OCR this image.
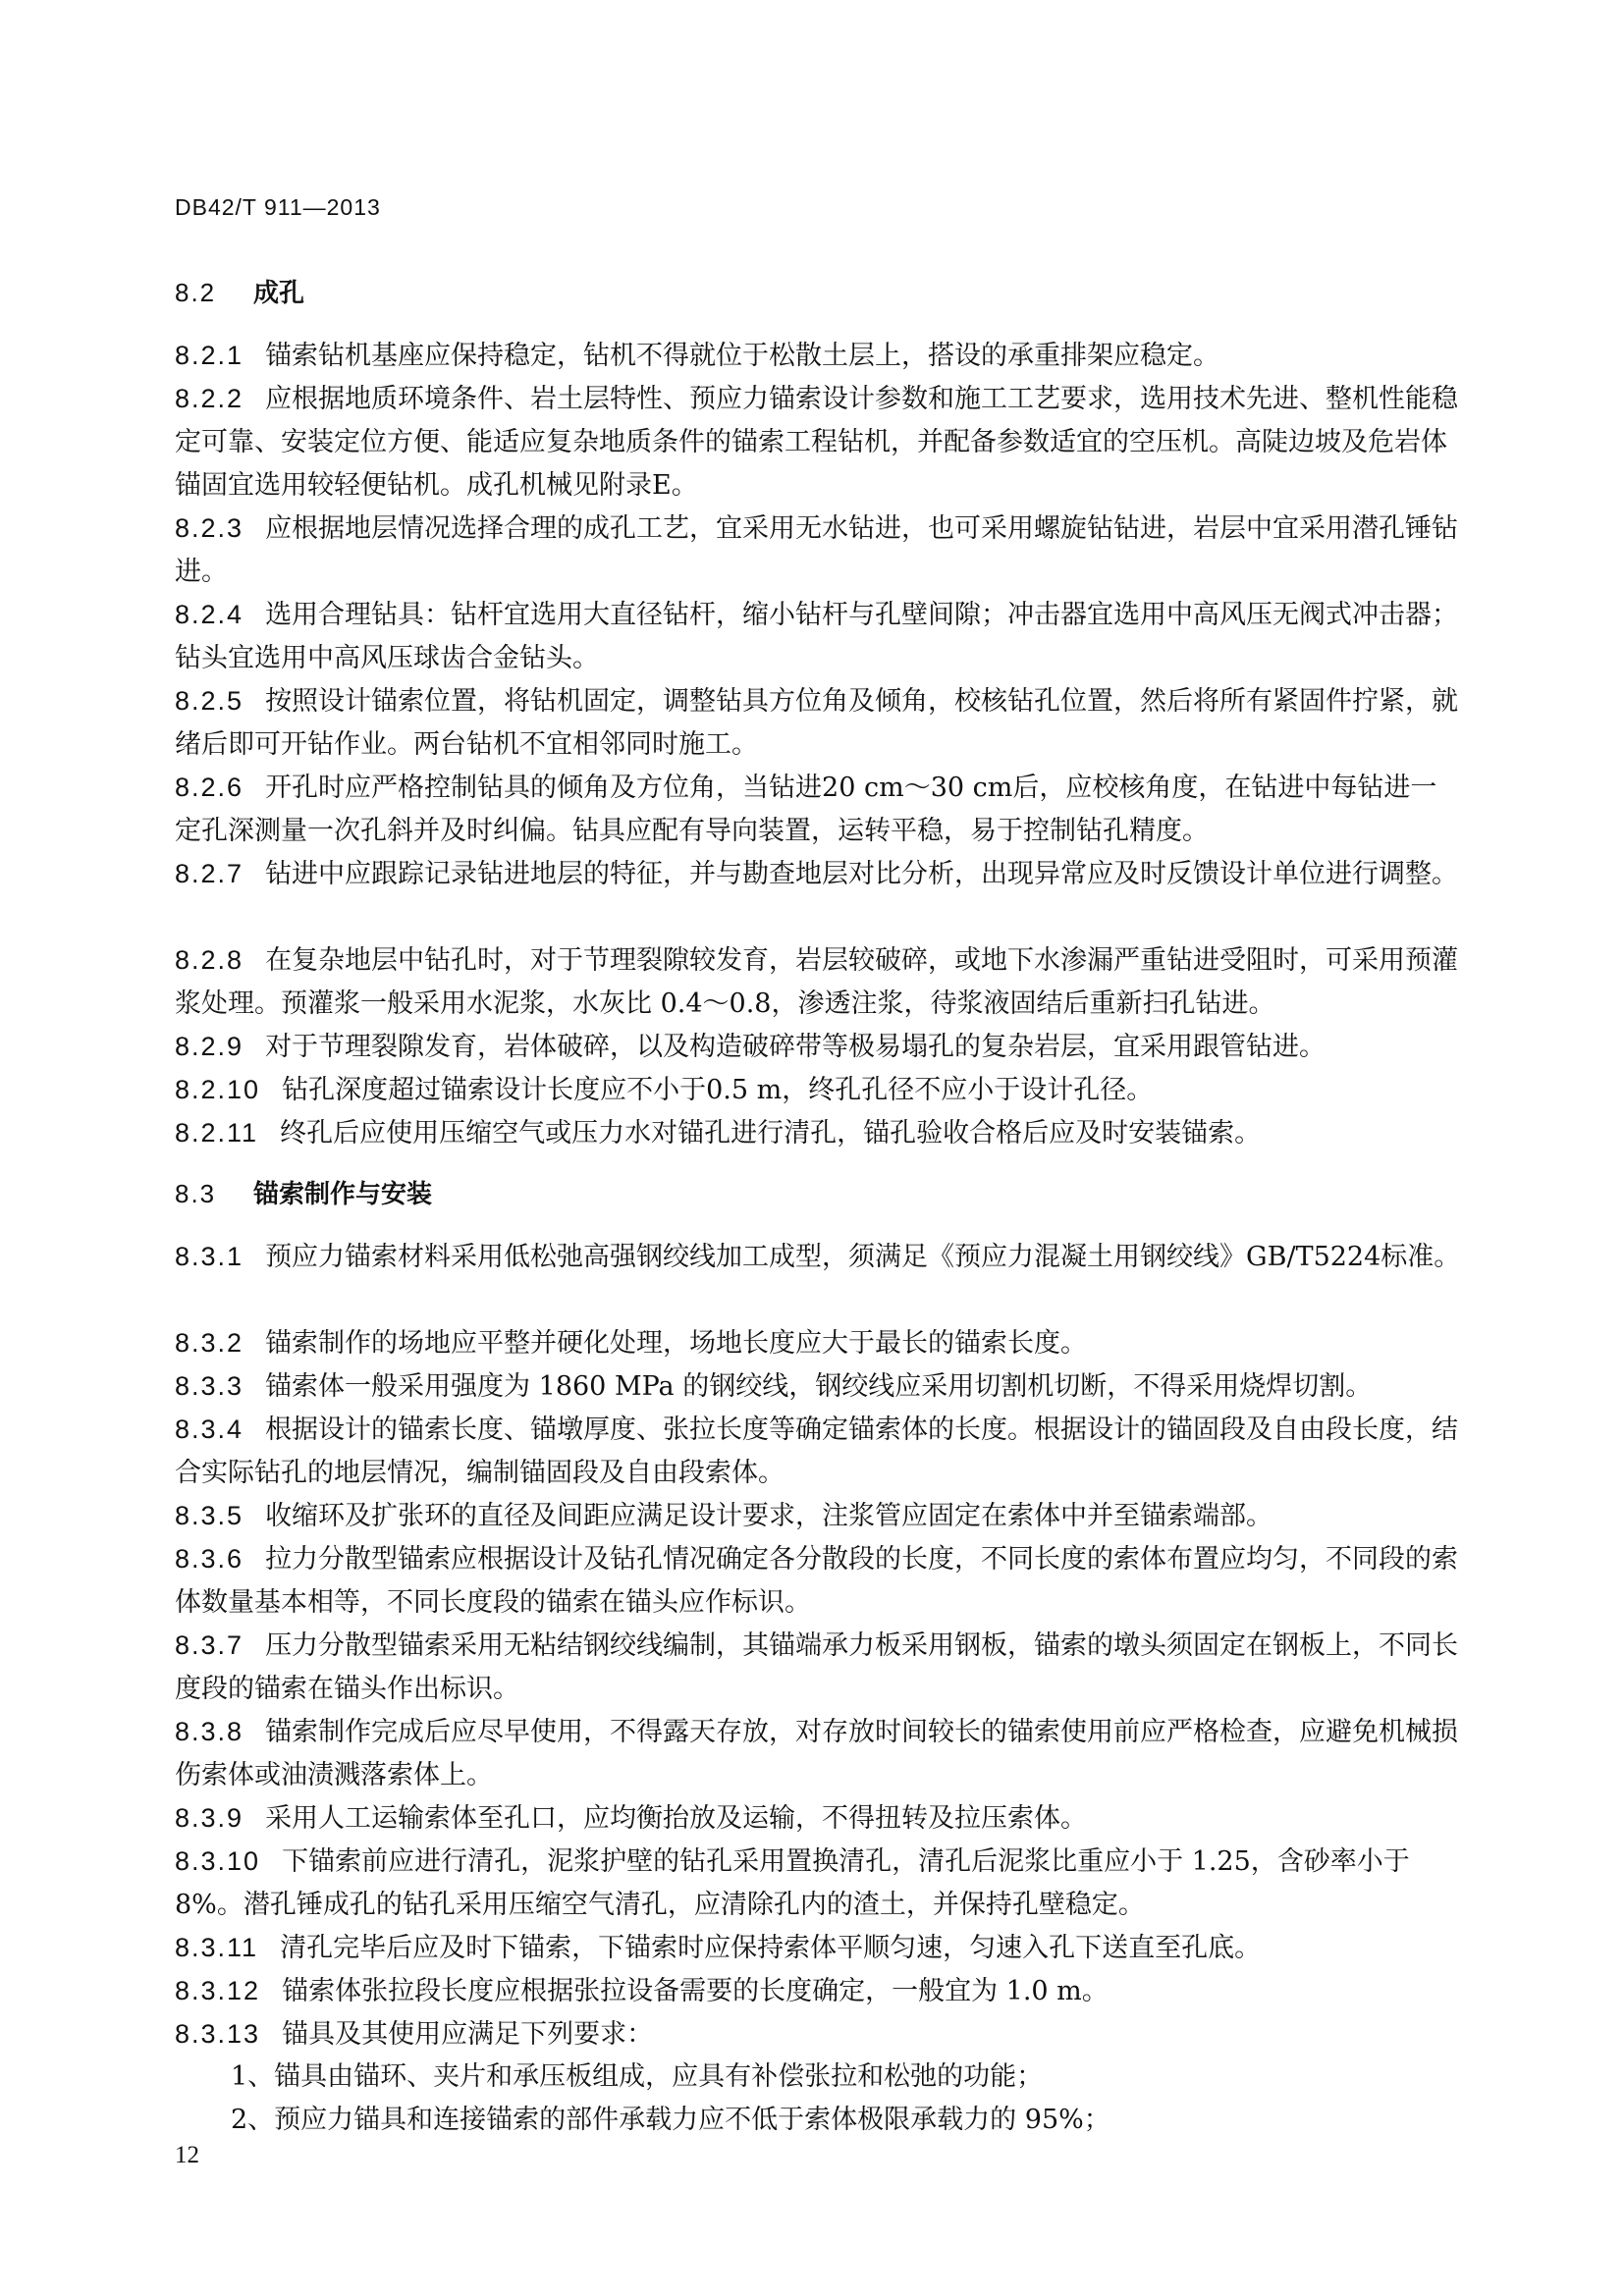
DB42/T 911—2013
8.2 成孔
8.2.1 锚索钻机基座应保持稳定，钻机不得就位于松散土层上，搭设的承重排架应稳定。
8.2.2 应根据地质环境条件、岩土层特性、预应力锚索设计参数和施工工艺要求，选用技术先进、整机性能稳定可靠、安装定位方便、能适应复杂地质条件的锚索工程钻机，并配备参数适宜的空压机。高陡边坡及危岩体锚固宜选用较轻便钻机。成孔机械见附录E。
8.2.3 应根据地层情况选择合理的成孔工艺，宜采用无水钻进，也可采用螺旋钻钻进，岩层中宜采用潜孔锤钻进。
8.2.4 选用合理钻具：钻杆宜选用大直径钻杆，缩小钻杆与孔壁间隙；冲击器宜选用中高风压无阀式冲击器；钻头宜选用中高风压球齿合金钻头。
8.2.5 按照设计锚索位置，将钻机固定，调整钻具方位角及倾角，校核钻孔位置，然后将所有紧固件拧紧，就绪后即可开钻作业。两台钻机不宜相邻同时施工。
8.2.6 开孔时应严格控制钻具的倾角及方位角，当钻进20 cm～30 cm后，应校核角度，在钻进中每钻进一定孔深测量一次孔斜并及时纠偏。钻具应配有导向装置，运转平稳，易于控制钻孔精度。
8.2.7 钻进中应跟踪记录钻进地层的特征，并与勘查地层对比分析，出现异常应及时反馈设计单位进行调整。
8.2.8 在复杂地层中钻孔时，对于节理裂隙较发育，岩层较破碎，或地下水渗漏严重钻进受阻时，可采用预灌浆处理。预灌浆一般采用水泥浆，水灰比 0.4～0.8，渗透注浆，待浆液固结后重新扫孔钻进。
8.2.9 对于节理裂隙发育，岩体破碎，以及构造破碎带等极易塌孔的复杂岩层，宜采用跟管钻进。
8.2.10 钻孔深度超过锚索设计长度应不小于0.5 m，终孔孔径不应小于设计孔径。
8.2.11 终孔后应使用压缩空气或压力水对锚孔进行清孔，锚孔验收合格后应及时安装锚索。
8.3 锚索制作与安装
8.3.1 预应力锚索材料采用低松弛高强钢绞线加工成型，须满足《预应力混凝土用钢绞线》GB/T5224标准。
8.3.2 锚索制作的场地应平整并硬化处理，场地长度应大于最长的锚索长度。
8.3.3 锚索体一般采用强度为 1860 MPa 的钢绞线，钢绞线应采用切割机切断，不得采用烧焊切割。
8.3.4 根据设计的锚索长度、锚墩厚度、张拉长度等确定锚索体的长度。根据设计的锚固段及自由段长度，结合实际钻孔的地层情况，编制锚固段及自由段索体。
8.3.5 收缩环及扩张环的直径及间距应满足设计要求，注浆管应固定在索体中并至锚索端部。
8.3.6 拉力分散型锚索应根据设计及钻孔情况确定各分散段的长度，不同长度的索体布置应均匀，不同段的索体数量基本相等，不同长度段的锚索在锚头应作标识。
8.3.7 压力分散型锚索采用无粘结钢绞线编制，其锚端承力板采用钢板，锚索的墩头须固定在钢板上，不同长度段的锚索在锚头作出标识。
8.3.8 锚索制作完成后应尽早使用，不得露天存放，对存放时间较长的锚索使用前应严格检查，应避免机械损伤索体或油渍溅落索体上。
8.3.9 采用人工运输索体至孔口，应均衡抬放及运输，不得扭转及拉压索体。
8.3.10 下锚索前应进行清孔，泥浆护壁的钻孔采用置换清孔，清孔后泥浆比重应小于 1.25，含砂率小于 8%。潜孔锤成孔的钻孔采用压缩空气清孔，应清除孔内的渣土，并保持孔壁稳定。
8.3.11 清孔完毕后应及时下锚索，下锚索时应保持索体平顺匀速，匀速入孔下送直至孔底。
8.3.12 锚索体张拉段长度应根据张拉设备需要的长度确定，一般宜为 1.0 m。
8.3.13 锚具及其使用应满足下列要求：
1、锚具由锚环、夹片和承压板组成，应具有补偿张拉和松弛的功能；
2、预应力锚具和连接锚索的部件承载力应不低于索体极限承载力的 95%；
12
